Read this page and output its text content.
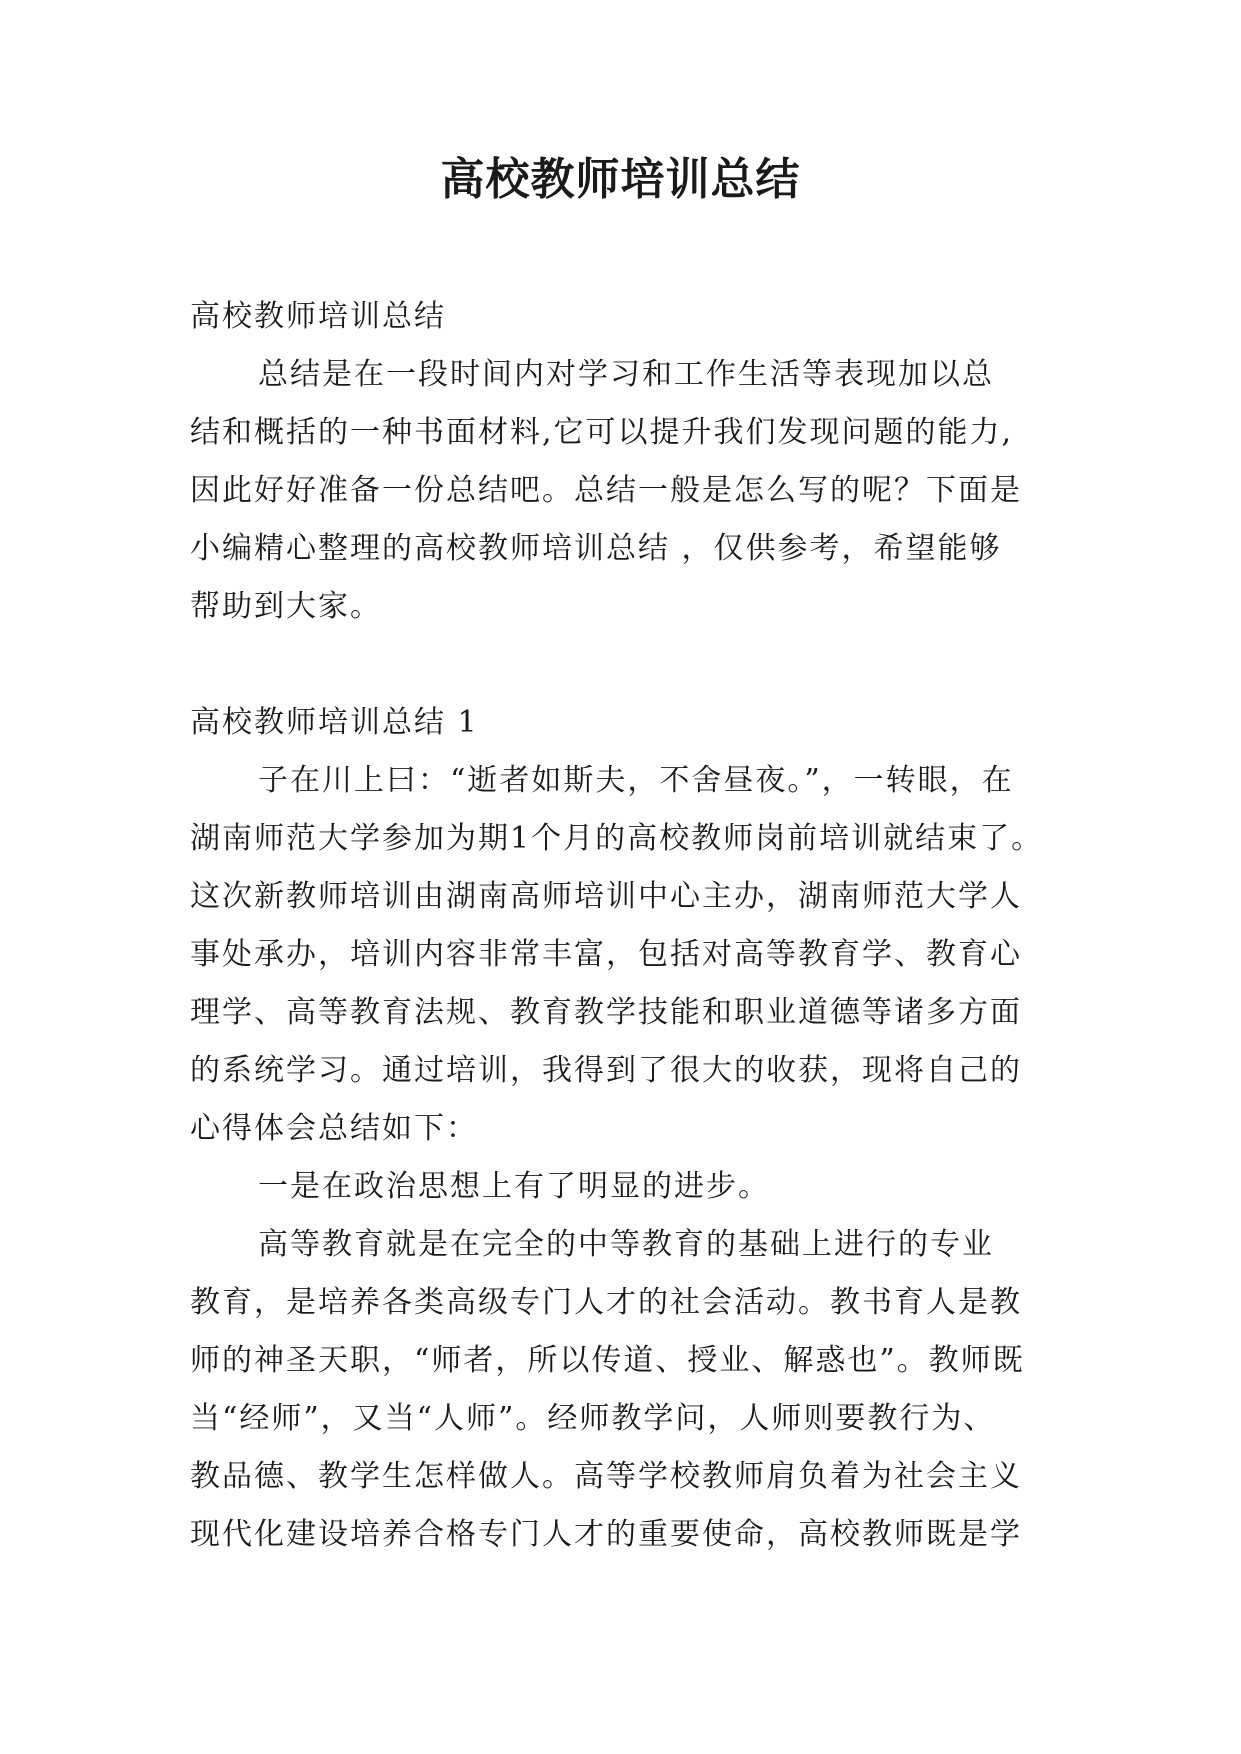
高校教师培训总结

高校教师培训总结

总结是在一段时间内对学习和工作生活等表现加以总

结和概括的一种书面材料,它可以提升我们发现问题的能力,

因此好好准备一份总结吧。总结一般是怎么写的呢？下面是

小编精心整理的高校教师培训总结 ，仅供参考，希望能够

帮助到大家。

高校教师培训总结 1

子在川上曰：“逝者如斯夫，不舍昼夜。”，一转眼，在

湖南师范大学参加为期1个月的高校教师岗前培训就结束了。

这次新教师培训由湖南高师培训中心主办，湖南师范大学人

事处承办，培训内容非常丰富，包括对高等教育学、教育心

理学、高等教育法规、教育教学技能和职业道德等诸多方面

的系统学习。通过培训，我得到了很大的收获，现将自己的

心得体会总结如下：

一是在政治思想上有了明显的进步。

高等教育就是在完全的中等教育的基础上进行的专业

教育，是培养各类高级专门人才的社会活动。教书育人是教

师的神圣天职，“师者，所以传道、授业、解惑也”。教师既

当“经师”，又当“人师”。经师教学问，人师则要教行为、

教品德、教学生怎样做人。高等学校教师肩负着为社会主义

现代化建设培养合格专门人才的重要使命，高校教师既是学
